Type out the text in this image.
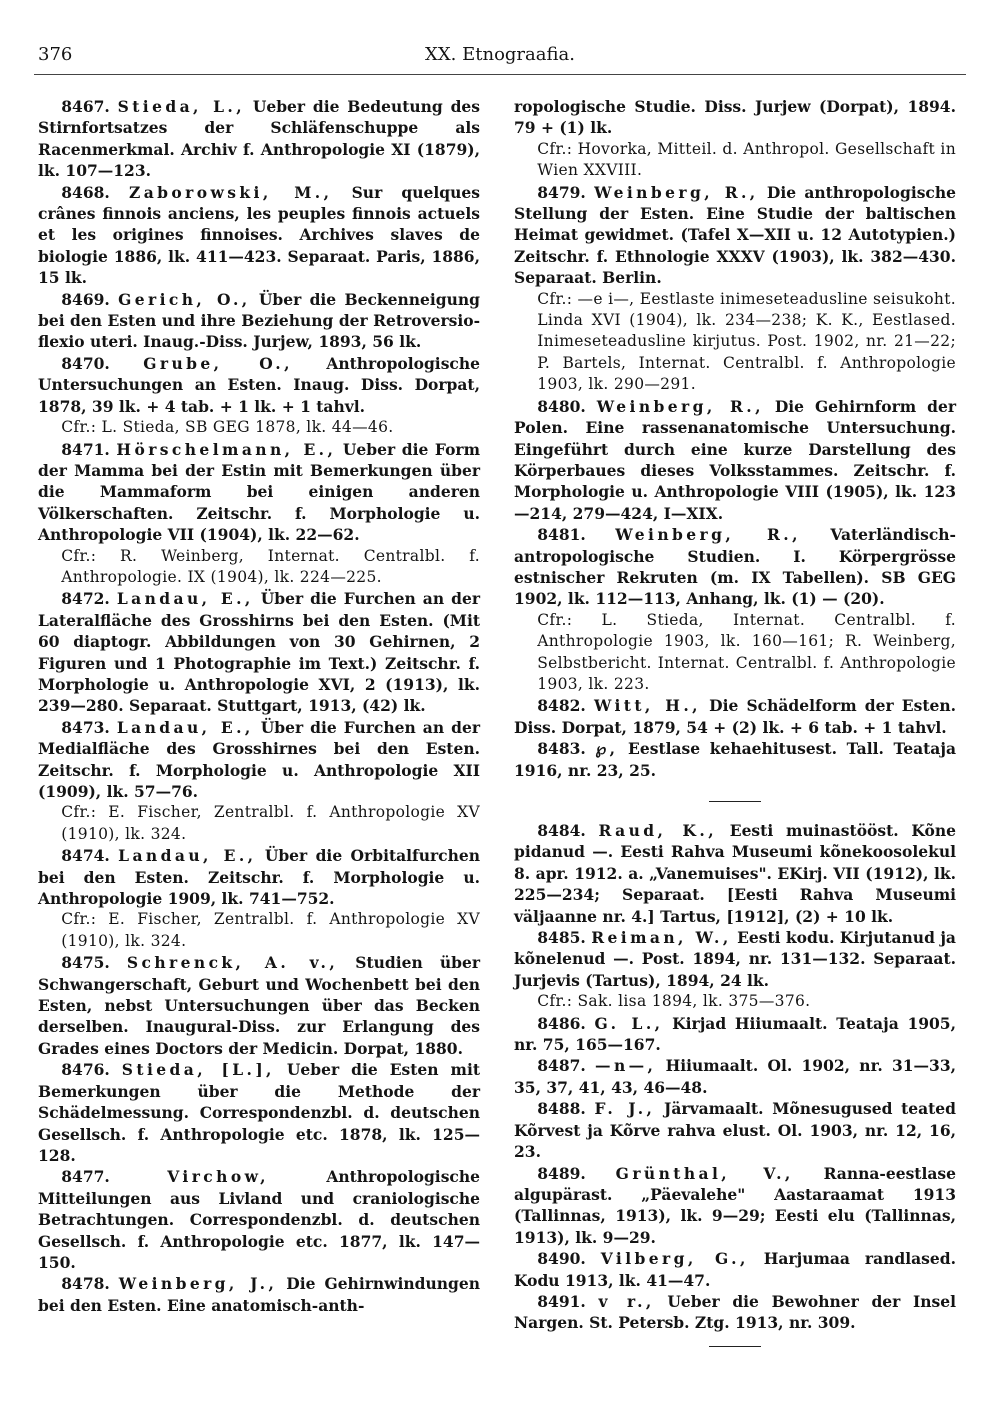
376	XX. Etnograafia.
8467. Stieda, L., Ueber die Bedeutung des Stirnfortsatzes der Schläfenschuppe als Racenmerkmal. Archiv f. Anthropologie XI (1879), lk. 107—123.
8468. Zaborowski, M., Sur quelques crânes finnois anciens, les peuples finnois actuels et les origines finnoises. Archives slaves de biologie 1886, lk. 411—423. Separaat. Paris, 1886, 15 lk.
8469. Gerich, O., Über die Beckenneigung bei den Esten und ihre Beziehung der Retroversio-flexio uteri. Inaug.-Diss. Jurjew, 1893, 56 lk.
8470. Grube, O., Anthropologische Untersuchungen an Esten. Inaug. Diss. Dorpat, 1878, 39 lk. + 4 tab. + 1 lk. + 1 tahvl.
Cfr.: L. Stieda, SB GEG 1878, lk. 44—46.
8471. Hörschelmann, E., Ueber die Form der Mamma bei der Estin mit Bemerkungen über die Mammaform bei einigen anderen Völkerschaften. Zeitschr. f. Morphologie u. Anthropologie VII (1904), lk. 22—62.
Cfr.: R. Weinberg, Internat. Centralbl. f. Anthropologie. IX (1904), lk. 224—225.
8472. Landau, E., Über die Furchen an der Lateralfläche des Grosshirns bei den Esten. (Mit 60 diaptogr. Abbildungen von 30 Gehirnen, 2 Figuren und 1 Photographie im Text.) Zeitschr. f. Morphologie u. Anthropologie XVI, 2 (1913), lk. 239—280. Separaat. Stuttgart, 1913, (42) lk.
8473. Landau, E., Über die Furchen an der Medialfläche des Grosshirnes bei den Esten. Zeitschr. f. Morphologie u. Anthropologie XII (1909), lk. 57—76.
Cfr.: E. Fischer, Zentralbl. f. Anthropologie XV (1910), lk. 324.
8474. Landau, E., Über die Orbitalfurchen bei den Esten. Zeitschr. f. Morphologie u. Anthropologie 1909, lk. 741—752.
Cfr.: E. Fischer, Zentralbl. f. Anthropologie XV (1910), lk. 324.
8475. Schrenck, A. v., Studien über Schwangerschaft, Geburt und Wochenbett bei den Esten, nebst Untersuchungen über das Becken derselben. Inaugural-Diss. zur Erlangung des Grades eines Doctors der Medicin. Dorpat, 1880.
8476. Stieda, [L.], Ueber die Esten mit Bemerkungen über die Methode der Schädelmessung. Correspondenzbl. d. deutschen Gesellsch. f. Anthropologie etc. 1878, lk. 125—128.
8477. Virchow, Anthropologische Mitteilungen aus Livland und craniologische Betrachtungen. Correspondenzbl. d. deutschen Gesellsch. f. Anthropologie etc. 1877, lk. 147—150.
8478. Weinberg, J., Die Gehirnwindungen bei den Esten. Eine anatomisch-anth-
ropologische Studie. Diss. Jurjew (Dorpat), 1894. 79 + (1) lk.
Cfr.: Hovorka, Mitteil. d. Anthropol. Gesellschaft in Wien XXVIII.
8479. Weinberg, R., Die anthropologische Stellung der Esten. Eine Studie der baltischen Heimat gewidmet. (Tafel X—XII u. 12 Autotypien.) Zeitschr. f. Ethnologie XXXV (1903), lk. 382—430. Separaat. Berlin.
Cfr.: —e i—, Eestlaste inimeseteadusline seisukoht. Linda XVI (1904), lk. 234—238; K. K., Eestlased. Inimeseteadusline kirjutus. Post. 1902, nr. 21—22; P. Bartels, Internat. Centralbl. f. Anthropologie 1903, lk. 290—291.
8480. Weinberg, R., Die Gehirnform der Polen. Eine rassenanatomische Untersuchung. Eingeführt durch eine kurze Darstellung des Körperbaues dieses Volksstammes. Zeitschr. f. Morphologie u. Anthropologie VIII (1905), lk. 123—214, 279—424, I—XIX.
8481. Weinberg, R., Vaterländisch-antropologische Studien. I. Körpergrösse estnischer Rekruten (m. IX Tabellen). SB GEG 1902, lk. 112—113, Anhang, lk. (1) — (20).
Cfr.: L. Stieda, Internat. Centralbl. f. Anthropologie 1903, lk. 160—161; R. Weinberg, Selbstbericht. Internat. Centralbl. f. Anthropologie 1903, lk. 223.
8482. Witt, H., Die Schädelform der Esten. Diss. Dorpat, 1879, 54 + (2) lk. + 6 tab. + 1 tahvl.
8483. ℘, Eestlase kehaehitusest. Tall. Teataja 1916, nr. 23, 25.
8484. Raud, K., Eesti muinastööst. Kõne pidanud —. Eesti Rahva Museumi kõnekoosolekul 8. apr. 1912. a. „Vanemuises". EKirj. VII (1912), lk. 225—234; Separaat. [Eesti Rahva Museumi väljaanne nr. 4.] Tartus, [1912], (2) + 10 lk.
8485. Reiman, W., Eesti kodu. Kirjutanud ja kõnelenud —. Post. 1894, nr. 131—132. Separaat. Jurjevis (Tartus), 1894, 24 lk.
Cfr.: Sak. lisa 1894, lk. 375—376.
8486. G. L., Kirjad Hiiumaalt. Teataja 1905, nr. 75, 165—167.
8487. —n—, Hiiumaalt. Ol. 1902, nr. 31—33, 35, 37, 41, 43, 46—48.
8488. F. J., Järvamaalt. Mõnesugused teated Kõrvest ja Kõrve rahva elust. Ol. 1903, nr. 12, 16, 23.
8489. Grünthal, V., Ranna-eestlase algupärast. „Päevalehe" Aastaraamat 1913 (Tallinnas, 1913), lk. 9—29; Eesti elu (Tallinnas, 1913), lk. 9—29.
8490. Vilberg, G., Harjumaa randlased. Kodu 1913, lk. 41—47.
8491. v r., Ueber die Bewohner der Insel Nargen. St. Petersb. Ztg. 1913, nr. 309.
